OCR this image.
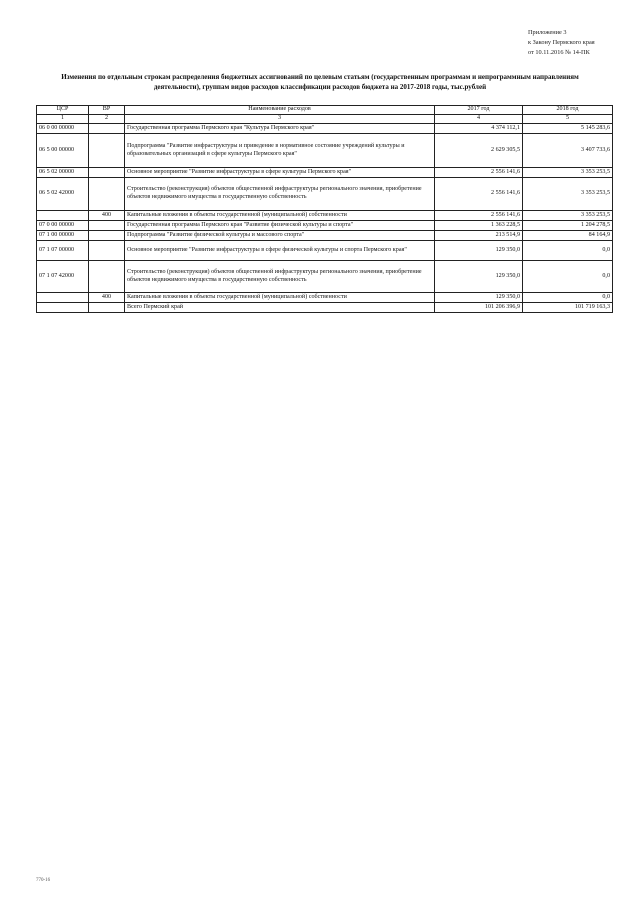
Приложение 3
к Закону Пермского края
от 10.11.2016 № 14-ПК
Изменения по отдельным строкам распределения бюджетных ассигнований по целевым статьям (государственным программам и непрограммным направлениям деятельности), группам видов расходов классификации расходов бюджета на 2017-2018 годы, тыс.рублей
ЦСР	ВР	Наименование расходов	2017 год	2018 год
1	2	3	4	5
06 0 00 00000		Государственная программа Пермского края "Культура Пермского края"	4 374 112,1	5 145 283,6
06 5 00 00000		Подпрограмма "Развитие инфраструктуры и приведение в нормативное состояние учреждений культуры и образовательных организаций в сфере культуры Пермского края"	2 629 305,5	3 407 733,6
06 5 02 00000		Основное мероприятие "Развитие инфраструктуры в сфере культуры Пермского края"	2 556 141,6	3 353 253,5
06 5 02 42000		Строительство (реконструкция) объектов общественной инфраструктуры регионального значения, приобретение объектов недвижимого имущества в государственную собственность	2 556 141,6	3 353 253,5
	400	Капитальные вложения в объекты государственной (муниципальной) собственности	2 556 141,6	3 353 253,5
07 0 00 00000		Государственная программа Пермского края "Развитие физической культуры и спорта"	1 363 228,5	1 204 278,5
07 1 00 00000		Подпрограмма "Развитие физической культуры и массового спорта"	213 514,9	84 164,9
07 1 07 00000		Основное мероприятие "Развитие инфраструктуры в сфере физической культуры и спорта Пермского края"	129 350,0	0,0
07 1 07 42000		Строительство (реконструкция) объектов общественной инфраструктуры регионального значения, приобретение объектов недвижимого имущества в государственную собственность	129 350,0	0,0
	400	Капитальные вложения в объекты государственной (муниципальной) собственности	129 350,0	0,0
		Всего Пермский край	101 206 396,9	101 719 163,3
770-16
